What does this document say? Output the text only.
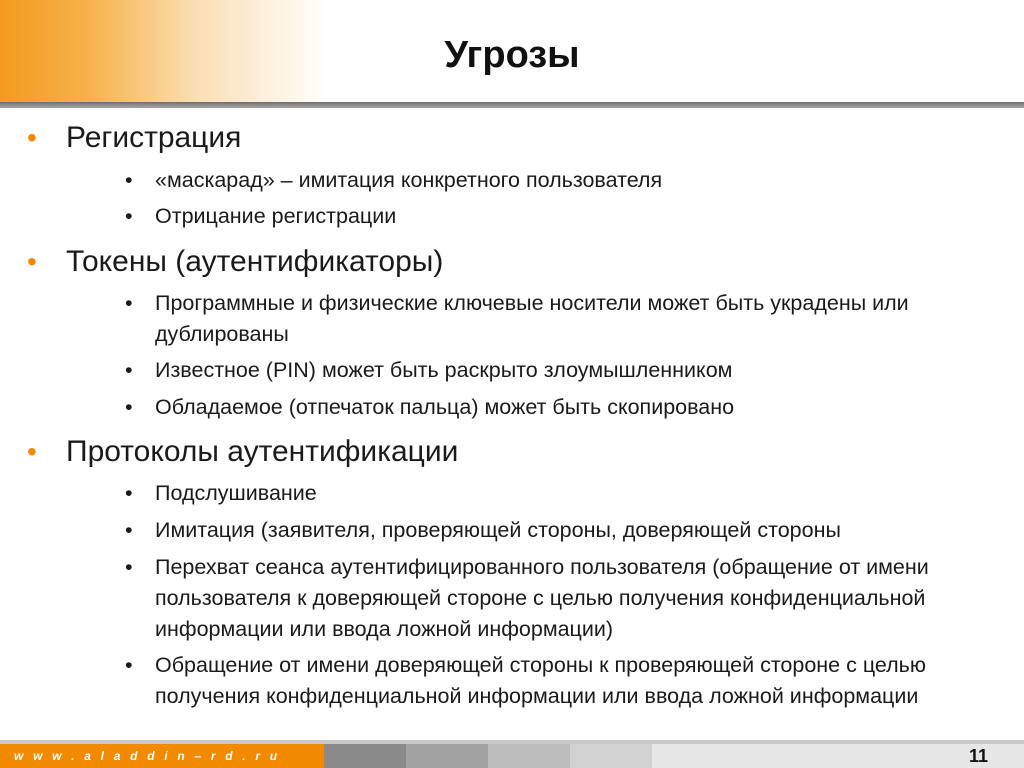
Угрозы
• Регистрация
• «маскарад» – имитация конкретного пользователя
• Отрицание регистрации
• Токены (аутентификаторы)
• Программные и физические ключевые носители может быть украдены или дублированы
• Известное (PIN) может быть раскрыто злоумышленником
• Обладаемое (отпечаток пальца) может быть скопировано
• Протоколы аутентификации
• Подслушивание
• Имитация (заявителя, проверяющей стороны, доверяющей стороны
• Перехват сеанса аутентифицированного пользователя (обращение от имени пользователя к доверяющей стороне с целью получения конфиденциальной информации или ввода ложной информации)
• Обращение от имени доверяющей стороны к проверяющей стороне с целью получения конфиденциальной информации или ввода ложной информации
w w w . a l a d d i n – r d . r u	11
